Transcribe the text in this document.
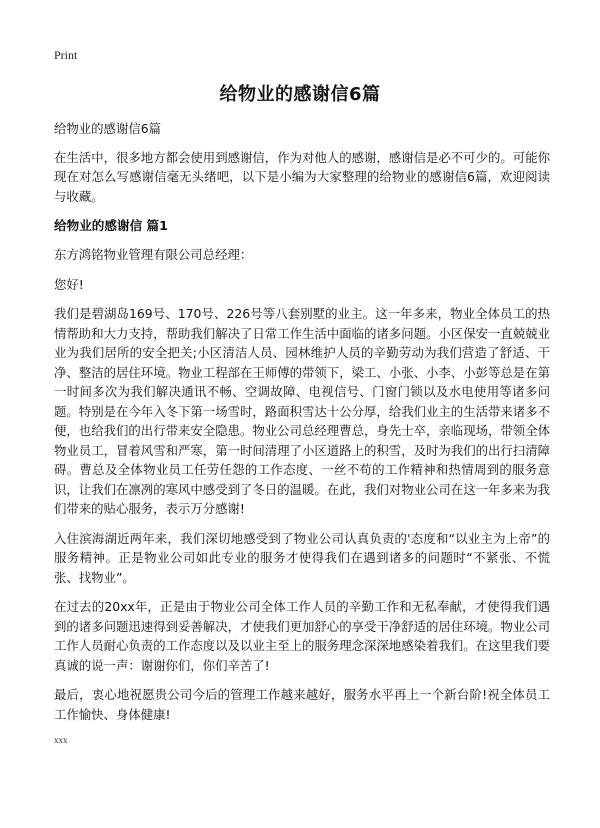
Print
给物业的感谢信6篇

给物业的感谢信6篇

在生活中，很多地方都会使用到感谢信，作为对他人的感谢，感谢信是必不可少的。可能你现在对怎么写感谢信毫无头绪吧，以下是小编为大家整理的给物业的感谢信6篇，欢迎阅读与收藏。

给物业的感谢信 篇1

东方鸿铭物业管理有限公司总经理：

您好!

我们是碧湖岛169号、170号、226号等八套别墅的业主。这一年多来，物业全体员工的热情帮助和大力支持，帮助我们解决了日常工作生活中面临的诸多问题。小区保安一直兢兢业业为我们居所的安全把关;小区清洁人员、园林维护人员的辛勤劳动为我们营造了舒适、干净、整洁的居住环境。物业工程部在王师傅的带领下，梁工、小张、小李、小彭等总是在第一时间多次为我们解决通讯不畅、空调故障、电视信号、门窗门锁以及水电使用等诸多问题。特别是在今年入冬下第一场雪时，路面积雪达十公分厚，给我们业主的生活带来诸多不便，也给我们的出行带来安全隐患。物业公司总经理曹总，身先士卒，亲临现场，带领全体物业员工，冒着风雪和严寒，第一时间清理了小区道路上的积雪，及时为我们的出行扫清障碍。曹总及全体物业员工任劳任怨的工作态度、一丝不苟的工作精神和热情周到的服务意识，让我们在凛冽的寒风中感受到了冬日的温暖。在此，我们对物业公司在这一年多来为我们带来的贴心服务，表示万分感谢!

入住滨海湖近两年来，我们深切地感受到了物业公司认真负责的'态度和“以业主为上帝”的服务精神。正是物业公司如此专业的服务才使得我们在遇到诸多的问题时“不紧张、不慌张、找物业”。

在过去的20xx年，正是由于物业公司全体工作人员的辛勤工作和无私奉献，才使得我们遇到的诸多问题迅速得到妥善解决，才使我们更加舒心的享受干净舒适的居住环境。物业公司工作人员耐心负责的工作态度以及以业主至上的服务理念深深地感染着我们。在这里我们要真诚的说一声：谢谢你们，你们辛苦了!

最后，衷心地祝愿贵公司今后的管理工作越来越好，服务水平再上一个新台阶!祝全体员工工作愉快、身体健康!

xxx
